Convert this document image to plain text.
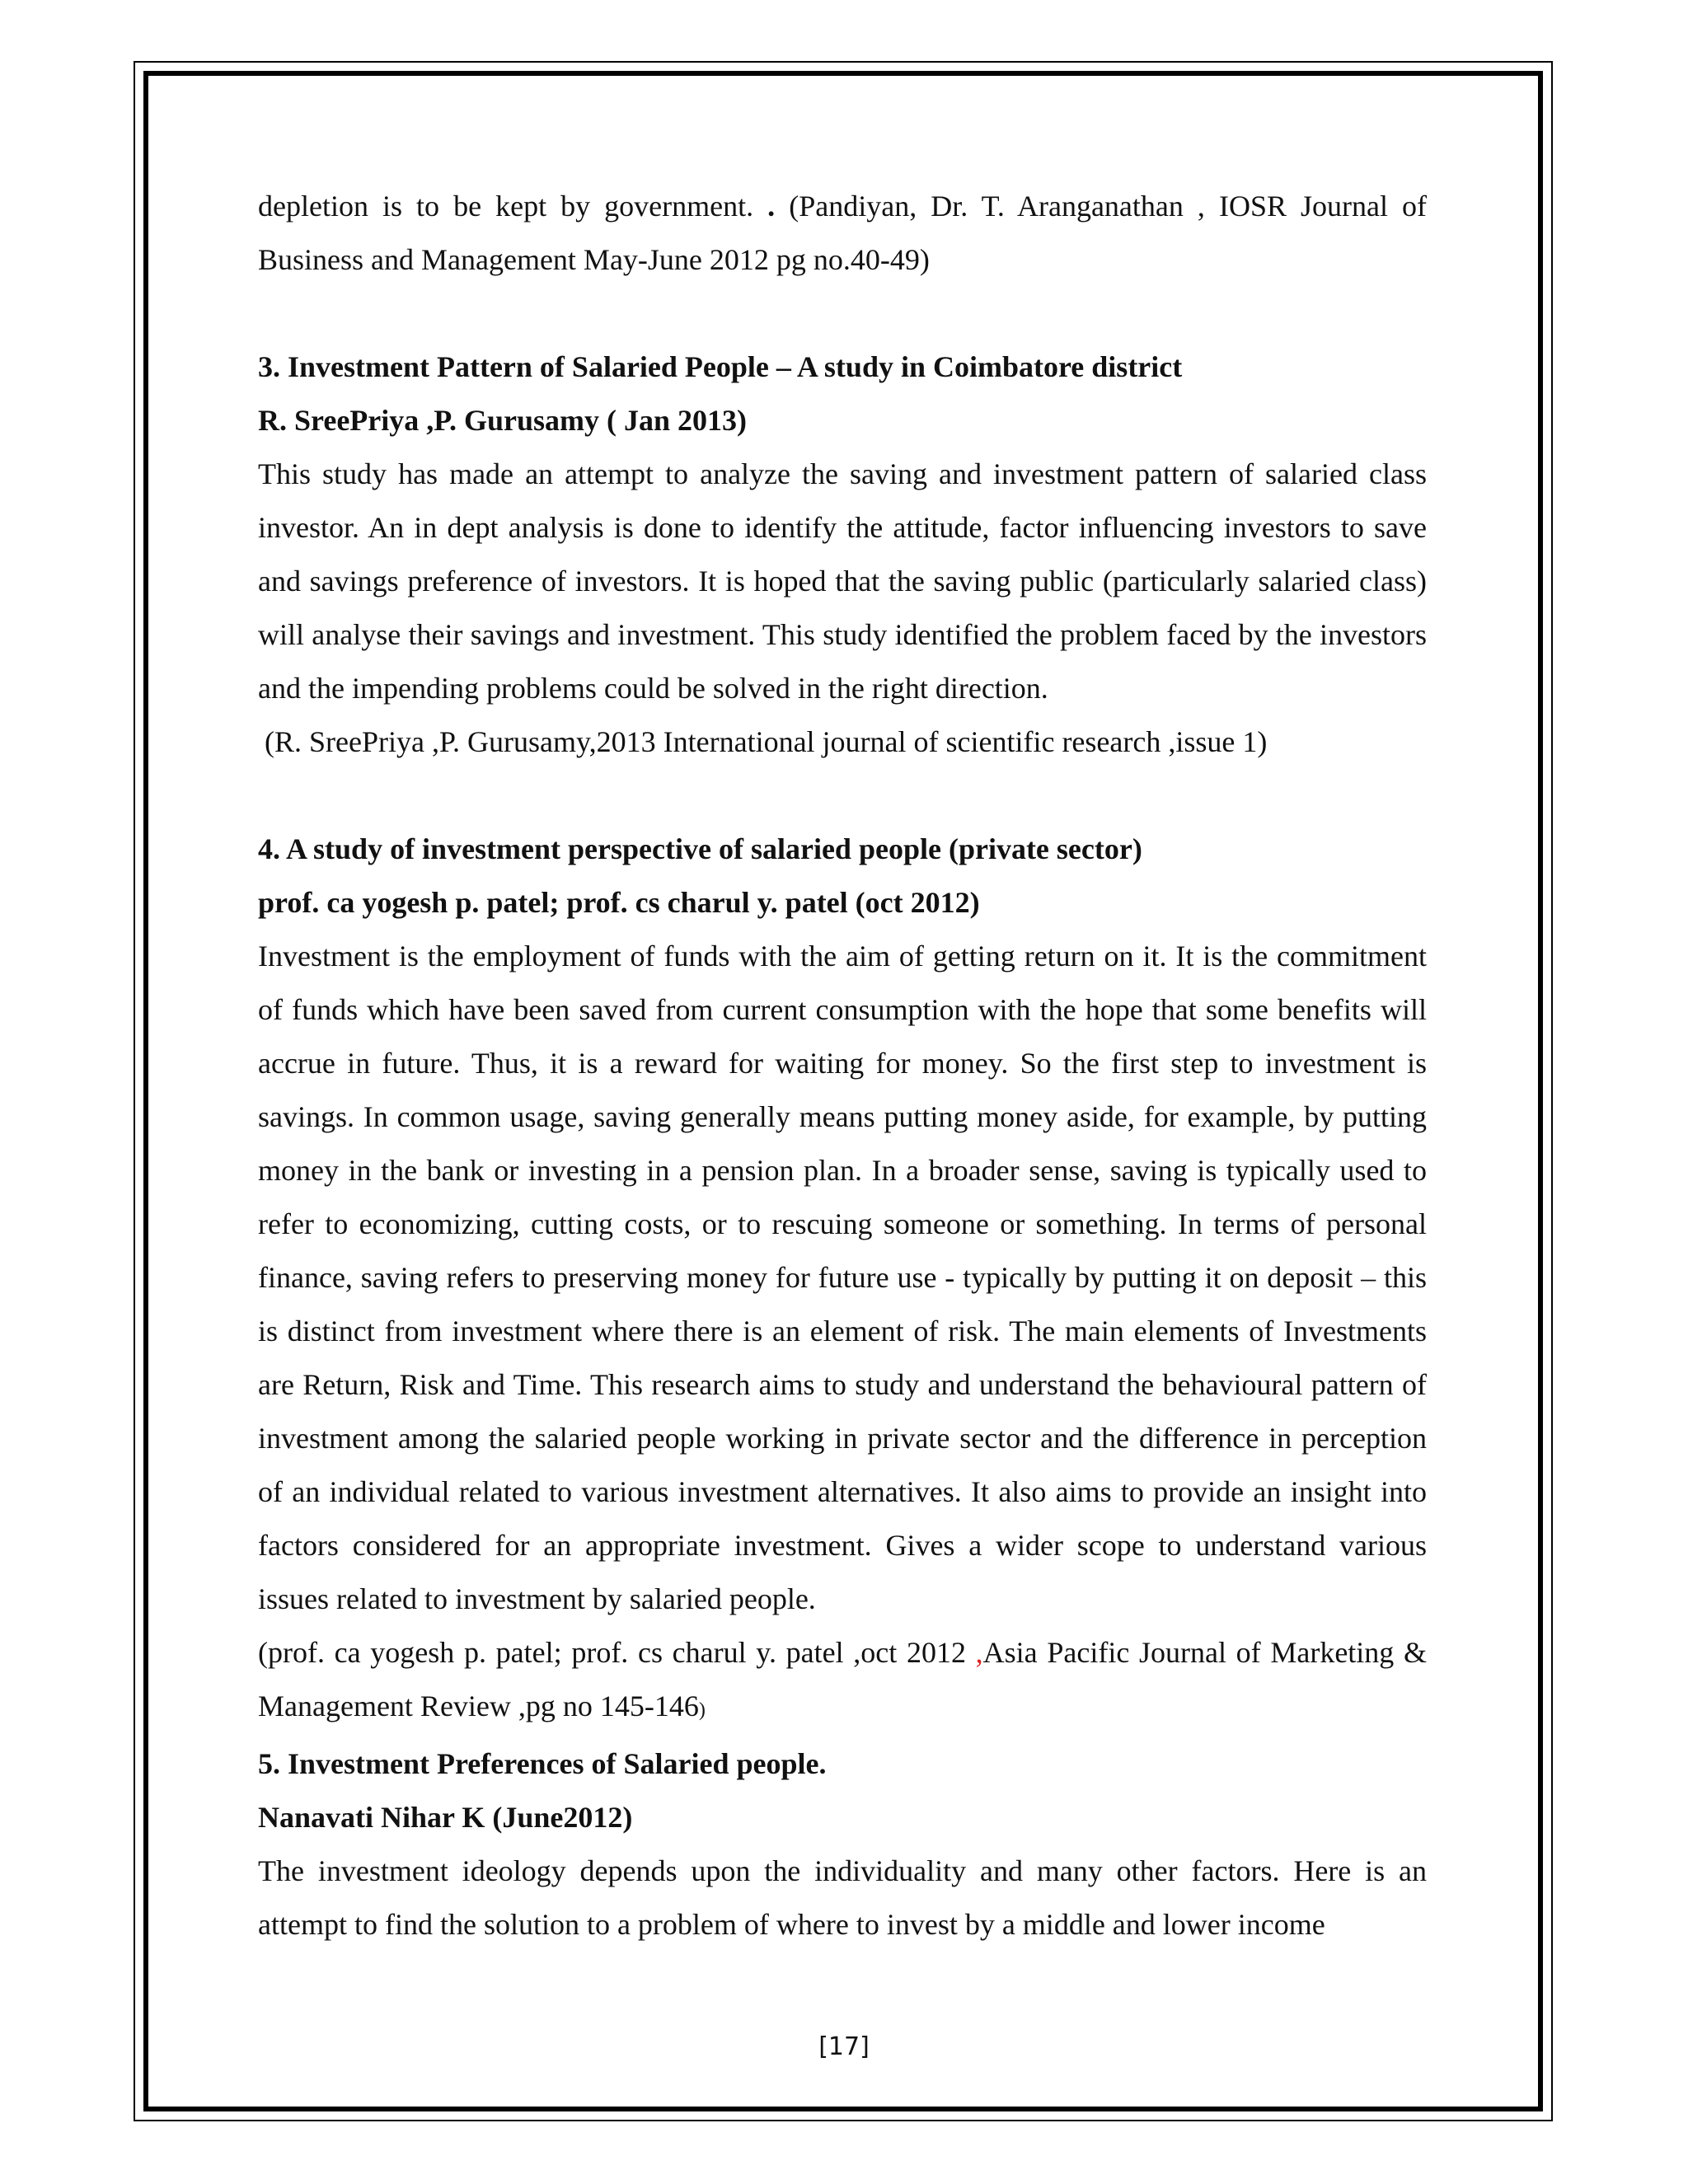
depletion is to be kept by government. . (Pandiyan, Dr. T. Aranganathan , IOSR Journal of Business and Management May-June 2012 pg no.40-49)

3. Investment Pattern of Salaried People – A study in Coimbatore district

R. SreePriya ,P. Gurusamy ( Jan 2013)

This study has made an attempt to analyze the saving and investment pattern of salaried class investor. An in dept analysis is done to identify the attitude, factor influencing investors to save and savings preference of investors. It is hoped that the saving public (particularly salaried class) will analyse their savings and investment. This study identified the problem faced by the investors and the impending problems could be solved in the right direction.

(R. SreePriya ,P. Gurusamy,2013 International journal of scientific research ,issue 1)

4. A study of investment perspective of salaried people (private sector)

prof. ca yogesh p. patel; prof. cs charul y. patel (oct 2012)

Investment is the employment of funds with the aim of getting return on it. It is the commitment of funds which have been saved from current consumption with the hope that some benefits will accrue in future. Thus, it is a reward for waiting for money. So the first step to investment is savings. In common usage, saving generally means putting money aside, for example, by putting money in the bank or investing in a pension plan. In a broader sense, saving is typically used to refer to economizing, cutting costs, or to rescuing someone or something. In terms of personal finance, saving refers to preserving money for future use - typically by putting it on deposit – this is distinct from investment where there is an element of risk. The main elements of Investments are Return, Risk and Time. This research aims to study and understand the behavioural pattern of investment among the salaried people working in private sector and the difference in perception of an individual related to various investment alternatives. It also aims to provide an insight into factors considered for an appropriate investment. Gives a wider scope to understand various issues related to investment by salaried people.

(prof. ca yogesh p. patel; prof. cs charul y. patel ,oct 2012 ,Asia Pacific Journal of Marketing & Management Review ,pg no 145-146)

5. Investment Preferences of Salaried people.

Nanavati Nihar K (June2012)

The investment ideology depends upon the individuality and many other factors. Here is an attempt to find the solution to a problem of where to invest by a middle and lower income

[17]
